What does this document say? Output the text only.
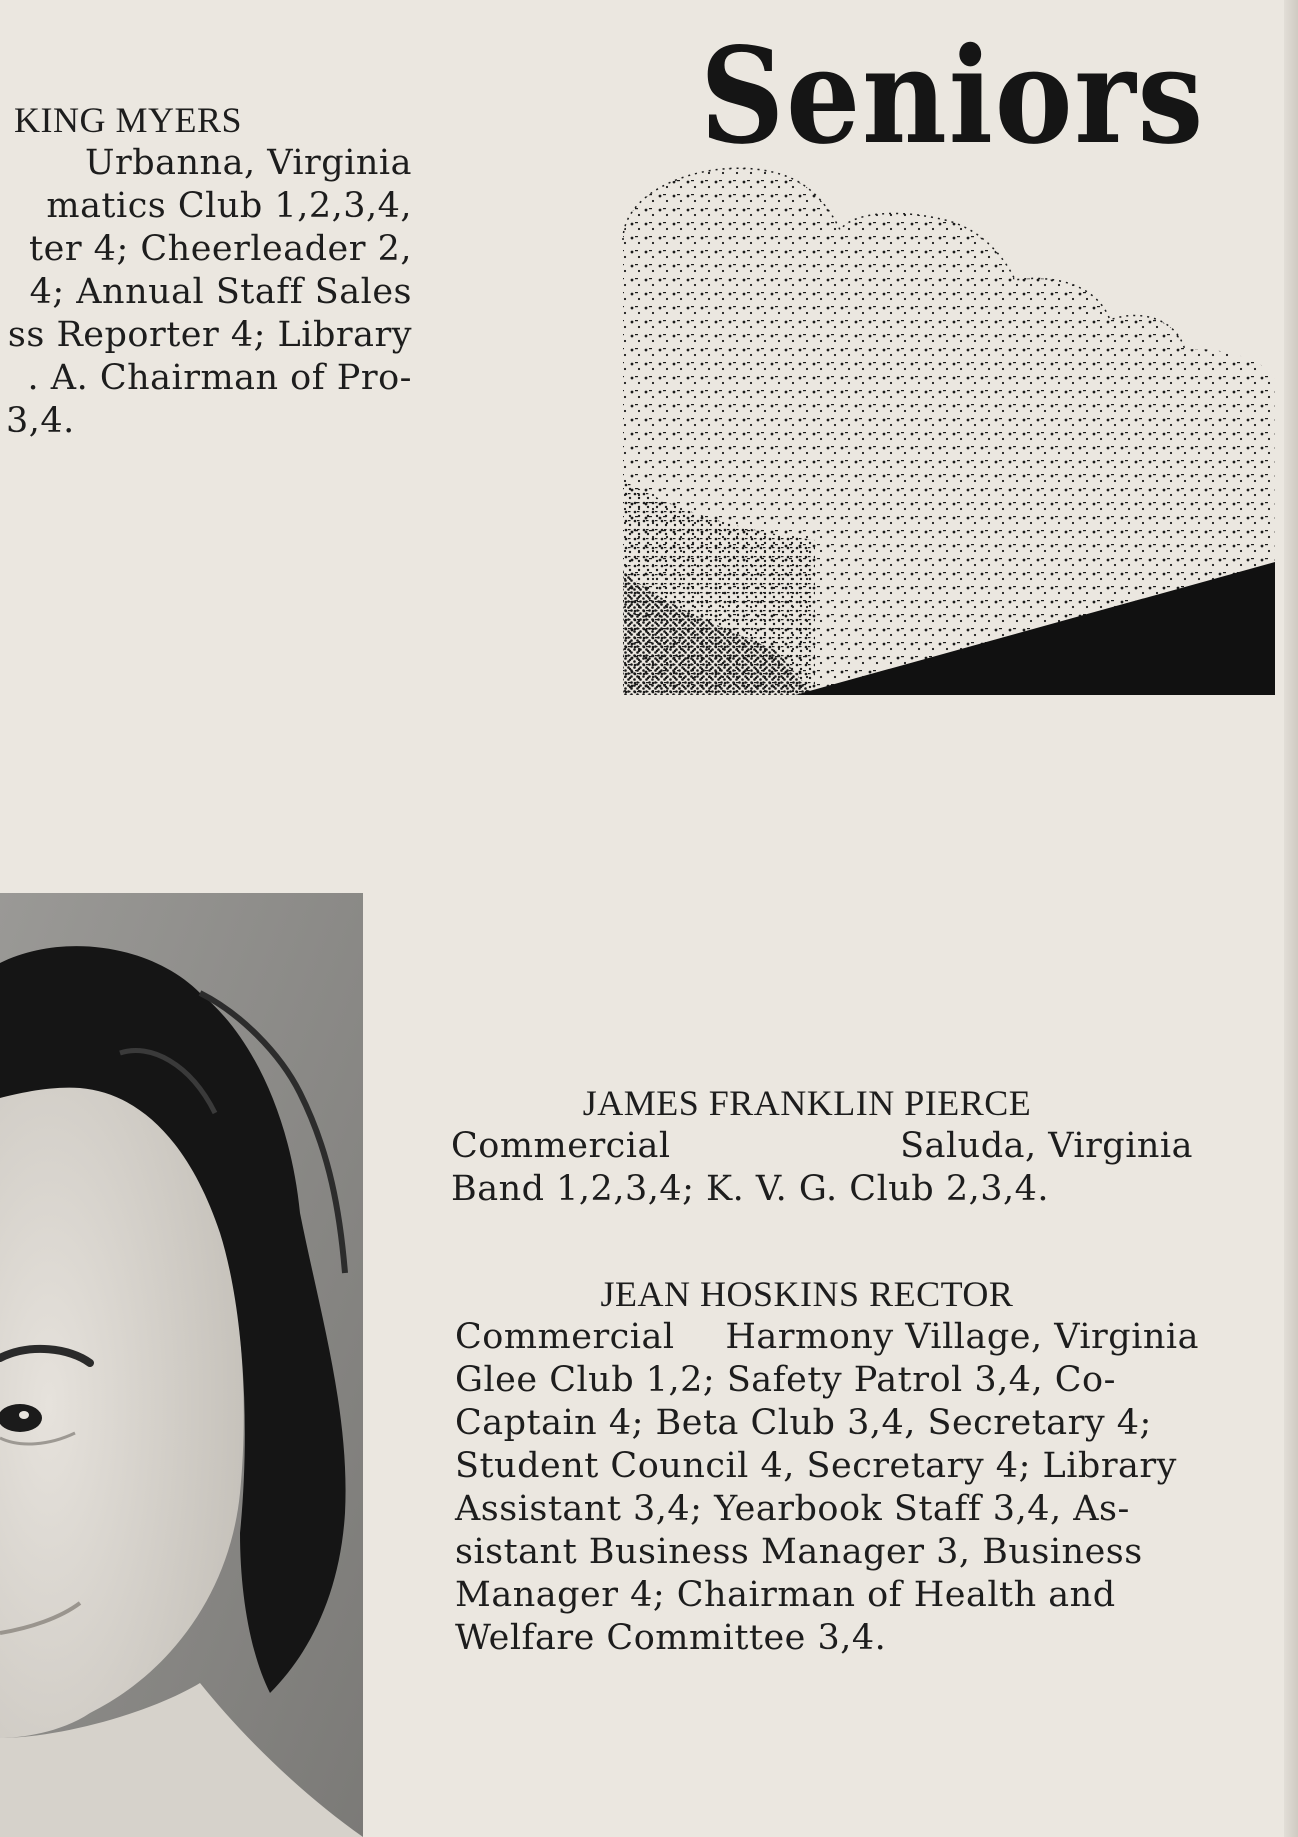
Seniors
KING MYERS
Urbanna, Virginia
matics Club 1,2,3,4,
ter 4; Cheerleader 2,
4; Annual Staff Sales
ss Reporter 4; Library
. A. Chairman of Pro-
3,4.
JAMES FRANKLIN PIERCE
Commercial	Saluda, Virginia
Band 1,2,3,4; K. V. G. Club 2,3,4.
JEAN HOSKINS RECTOR
Commercial Harmony Village, Virginia
Glee Club 1,2; Safety Patrol 3,4, Co-
Captain 4; Beta Club 3,4, Secretary 4;
Student Council 4, Secretary 4; Library
Assistant 3,4; Yearbook Staff 3,4, As-
sistant Business Manager 3, Business
Manager 4; Chairman of Health and
Welfare Committee 3,4.
